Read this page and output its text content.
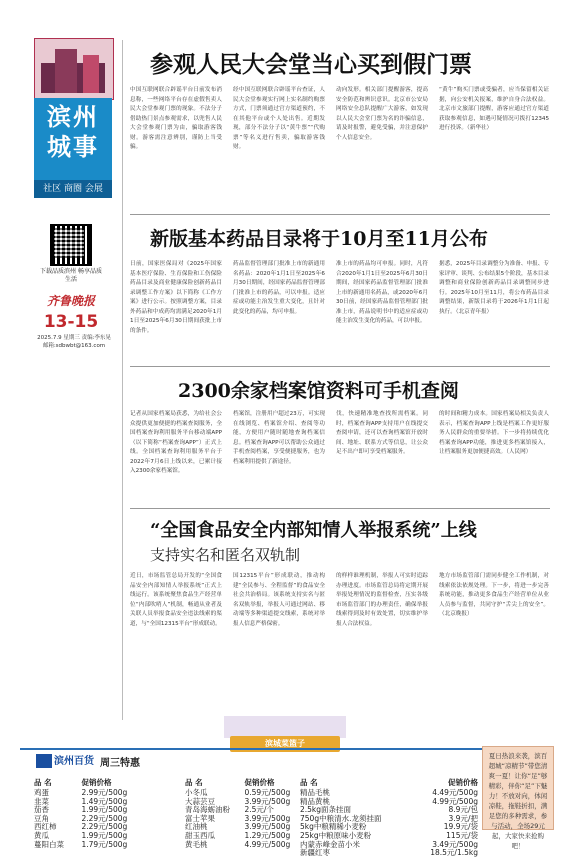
滨州城事
社区 商圈 会展
下载品质滨州 畅享品质生活
齐鲁晚报
13-15
2025.7.9 星期三 责编:李东晃 邮箱:sdbwbt@163.com
参观人民大会堂当心买到假门票
中国互联网联合辟谣平台日前发布消息称，一些网络平台存在虚假售卖人民大会堂参观门票的现象。不法分子借助热门景点参观需求，以兜售人民大会堂参观门票为由，骗取游客钱财。游客需注意辨别，谨防上当受骗。
经中国互联网联合辟谣平台查证，人民大会堂参观实行网上实名制约购票方式，门票须通过官方渠道预约，不在其他平台或个人处出售。近期发现，部分不法分子以“黄牛票”“代购票”等名义进行售卖，骗取游客钱财。
动向发形。相关部门提醒游客，提高安全防范和辨识意识。北京市公安局网络安全总队提醒广大游客，如发现以人民大会堂门票为名的诈骗信息，请及时报警，避免受骗，并注意保护个人信息安全。
“黄牛”购买门票或受骗者，应当保留相关证据，向公安机关报案，维护自身合法权益。北京市文旅部门提醒，游客应通过官方渠道获取参观信息，如遇可疑情况可拨打12345进行投诉。（新华社）
新版基本药品目录将于10月至11月公布
日前，国家医保局对《2025年国家基本医疗保险、生育保险和工伤保险药品目录及商业健康保险创新药品目录调整工作方案》以下简称《工作方案》进行公示。按照调整方案，目录外药品和中成药均需满足2020年1月1日至2025年6月30日期间获批上市的条件。
药品监督管理部门批准上市的新通用名药品：2020年1月1日至2025年6月30日期间，经国家药品监督管理部门批准上市的药品，可以申报。适应症或功能主治发生重大变化，且针对此变化的药品，均可申报。
准上市的药品均可申报。同时，凡符合2020年1月1日至2025年6月30日期间，经国家药品监督管理部门批准上市的新通用名药品，或2020年6月30日前，经国家药品监督管理部门批准上市，药品说明书中的适应症或功能主治发生变化的药品，可以申报。
据悉，2025年目录调整分为准备、申报、专家评审、谈判、公布结果5个阶段，基本目录调整和商业保险创新药品目录调整同步进行。2025年10月至11月，将公布药品目录调整结果，新版目录将于2026年1月1日起执行。（北京青年报）
2300余家档案馆资料可手机查阅
记者从国家档案局获悉，为给社会公众提供更加便捷的档案查阅服务，全国档案查询利用服务平台移动端APP（以下简称“档案查询APP”）正式上线。全国档案查询利用服务平台于2022年7月6日上线以来，已累计接入2300余家档案馆。
档案馆，注册用户超过23万，可实现在线浏览、档案馆介绍、查阅等功能，方便用户随时随地查询档案信息。档案查询APP可以帮助公众通过手机查阅档案，享受便捷服务，也为档案利用提供了新途径。
伐，快速精准地查找所需档案。同时，档案查询APP支持用户在线提交查阅申请，还可以查询档案馆开放时间、地址、联系方式等信息，让公众足不出户即可享受档案服务。
的时间和精力成本。国家档案局相关负责人表示，档案查询APP上线是档案工作更好服务人民群众的重要举措。下一步将持续优化档案查询APP功能，推进更多档案馆接入，让档案服务更加便捷高效。（人民网）
“全国食品安全内部知情人举报系统”上线
支持实名和匿名双轨制
近日，市场监管总局开发的“全国食品安全内部知情人举报系统”正式上线运行。该系统聚焦食品生产经营单位“内部吹哨人”机制，畅通从业者及关联人员举报食品安全违法线索的渠道，与“全国12315平台”形成联动。
国12315平台”形成联动，推动构建“全民参与、全程监督”的食品安全社会共治格局。该系统支持实名与匿名双轨举报，举报人可通过网站、移动端等多种渠道提交线索，系统对举报人信息严格保密。
的样样谁理机制，举报人可实时追踪办理进度。市场监管总局将定期开展举报处理情况的监督检查，压实各级市场监管部门的办理责任，确保举报线索得到及时有效处置，切实维护举报人合法权益。
地方市场监管部门需同步健全工作机制，对线索依法依规处理。下一步，将进一步完善系统功能，推动更多食品生产经营单位从业人员参与监督，共同守护“舌尖上的安全”。（北京晚报）
滨城菜篮子
滨州百货 周三特惠
品 名	促销价格
鸡蛋	2.99元/500g
韭菜	1.49元/500g
茄香	1.99元/500g
豆角	2.29元/500g
西红柿	2.29元/500g
黄瓜	1.99元/500g
蔓阳白菜	1.79元/500g
品 名	促销价格
小冬瓜	0.59元/500g
大蒜芸豆	3.99元/500g
青岛海蛎油粉	2.5元/个
富士苹果	3.99元/500g
红油桃	3.99元/500g
甜玉西瓜	1.29元/500g
黄毛桃	4.99元/500g
品 名	促销价格
精品毛桃	4.49元/500g
精品黄桃	4.99元/500g
2.5kg面条挂面	8.9元/包
750g中粮清水.龙须挂面	3.9元/把
5kg中粮精稀小麦粉	19.9元/袋
25kg中粮原味小麦粉	115元/袋
内蒙赤峰金苗小米	3.49元/500g
新疆红枣	18.5元/1.5kg
夏日热浪来袭，滨百超城“凉精节”带您清爽一夏！让你“足”够精彩，伴你“足”下魅力！不放对向，体闲凉鞋，拖鞋折扣，满足您的多种需求，参与活动，全场29元起，大家快来抢购吧！
